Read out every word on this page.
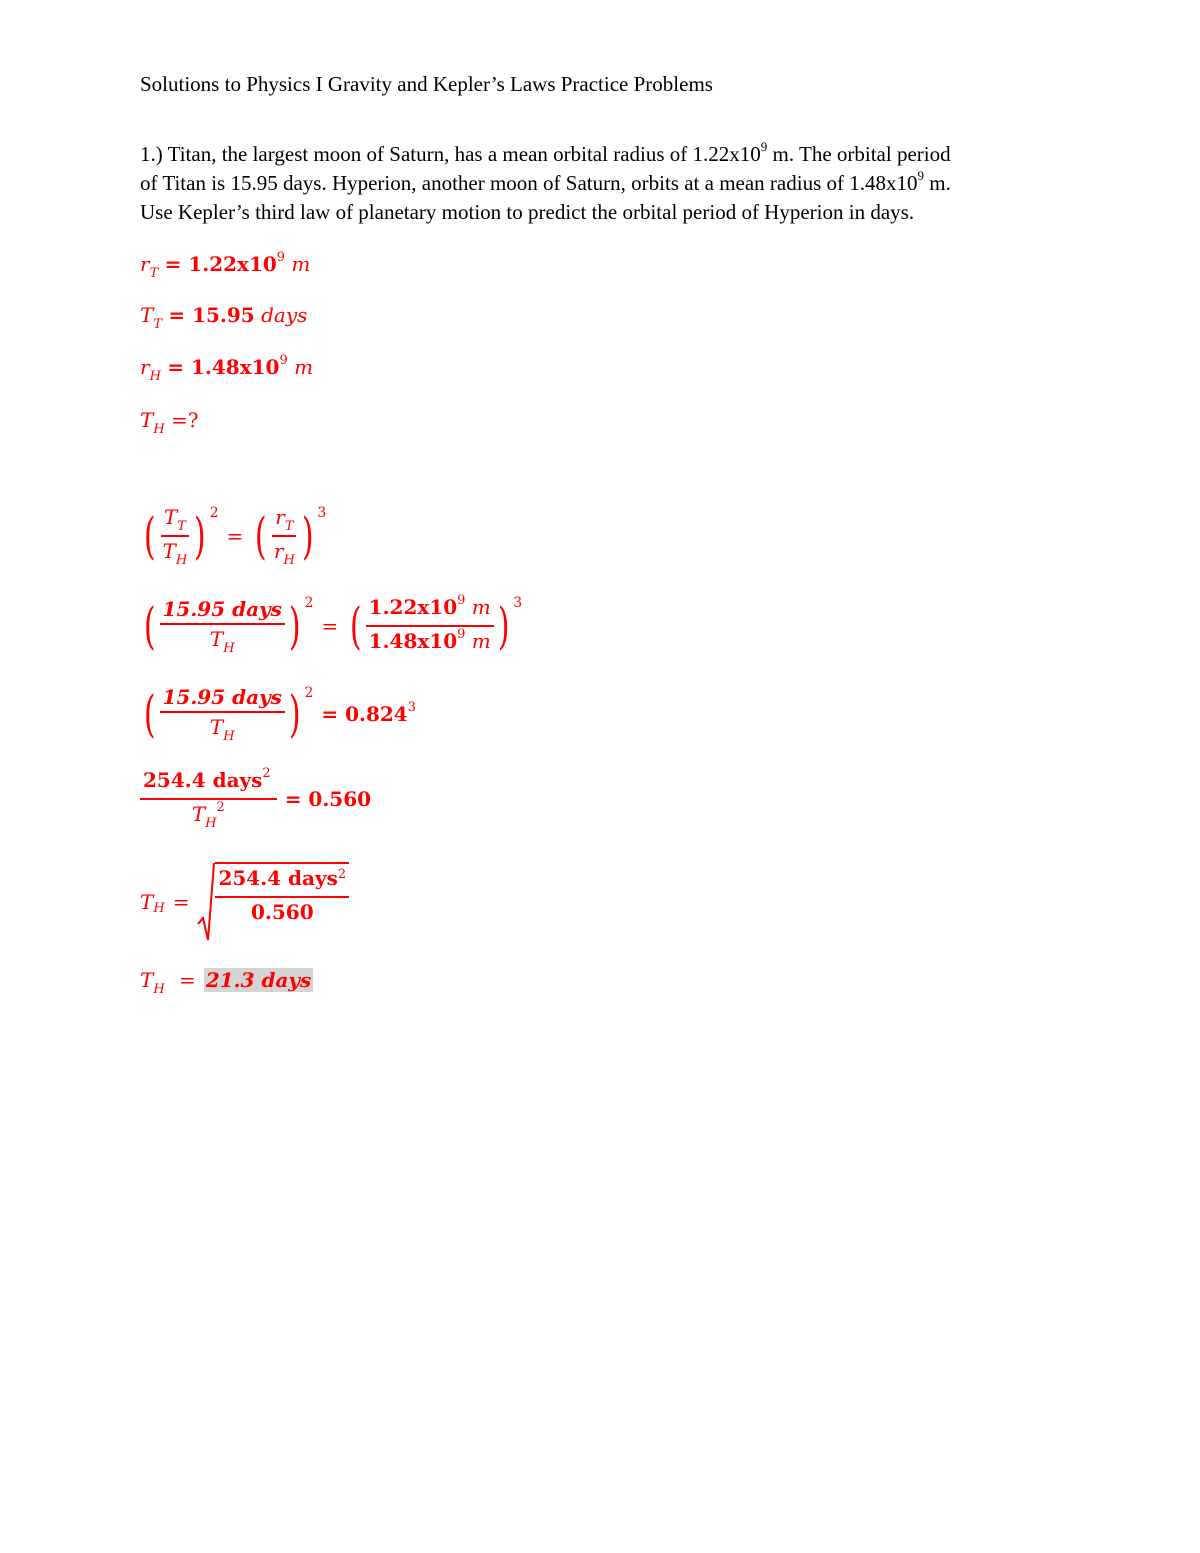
Solutions to Physics I Gravity and Kepler’s Laws Practice Problems
1.) Titan, the largest moon of Saturn, has a mean orbital radius of $1.22x10^9$ m. The orbital period
of Titan is 15.95 days. Hyperion, another moon of Saturn, orbits at a mean radius of $1.48x10^9$ m.
Use Kepler’s third law of planetary motion to predict the orbital period of Hyperion in days.
$r_T = 1.22x10^9$ m
$T_T = 15.95$ days
$r_H = 1.48x10^9$ m
$T_H$ =?
( $\frac{T_T}{T_H}$ ) 2
= ( $\frac{r_T}{r_H}$ ) 3
( $\frac{\text{15.95 days}}{T_H}$ ) 2
= ( $\frac{1.22x10^9 m}{1.48x10^9 m}$ ) 3
( $\frac{\text{15.95 days}}{T_H}$ ) 2
= $0.824^3$
$\frac{254.4 days^2}{T_H^2} = 0.560$
T $H = \frac{254.4 days^2}{0.560}$
$T_H = 21.3$ days
